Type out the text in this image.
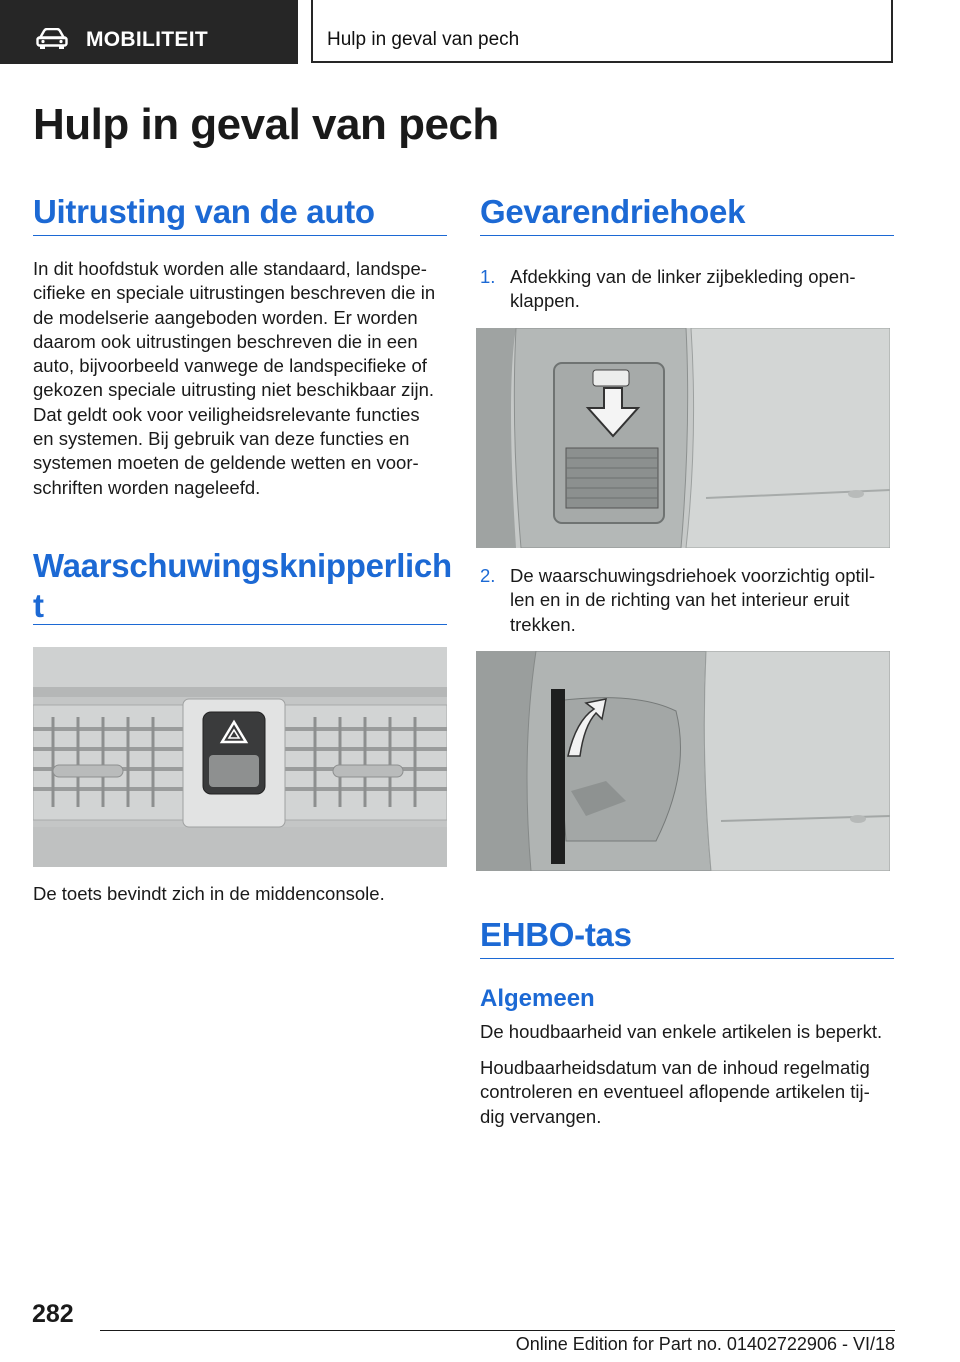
MOBILITEIT	Hulp in geval van pech
Hulp in geval van pech
Uitrusting van de auto
In dit hoofdstuk worden alle standaard, landspe‐
cifieke en speciale uitrustingen beschreven die in
de modelserie aangeboden worden. Er worden
daarom ook uitrustingen beschreven die in een
auto, bijvoorbeeld vanwege de landspecifieke of
gekozen speciale uitrusting niet beschikbaar zijn.
Dat geldt ook voor veiligheidsrelevante functies
en systemen. Bij gebruik van deze functies en
systemen moeten de geldende wetten en voor‐
schriften worden nageleefd.
Waarschuwingsknipperlich
t
De toets bevindt zich in de middenconsole.
Gevarendriehoek
1. Afdekking van de linker zijbekleding open‐
klappen.
2. De waarschuwingsdriehoek voorzichtig optil‐
len en in de richting van het interieur eruit
trekken.
EHBO-tas
Algemeen
De houdbaarheid van enkele artikelen is beperkt.
Houdbaarheidsdatum van de inhoud regelmatig
controleren en eventueel aflopende artikelen tij‐
dig vervangen.
282
Online Edition for Part no. 01402722906 - VI/18
